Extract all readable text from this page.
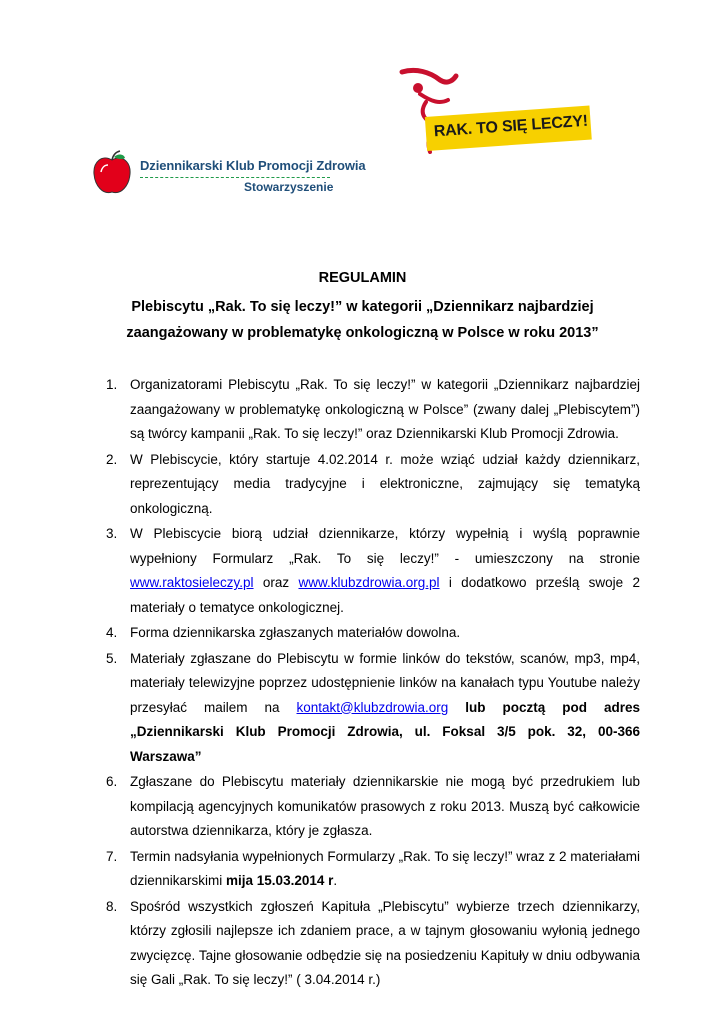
Dziennikarski Klub Promocji Zdrowia
Stowarzyszenie
RAK. TO SIĘ LECZY!
REGULAMIN
Plebiscytu „Rak. To się leczy!” w kategorii „Dziennikarz najbardziej
zaangażowany w problematykę onkologiczną w Polsce w roku 2013”
1. Organizatorami Plebiscytu „Rak. To się leczy!” w kategorii „Dziennikarz najbardziej zaangażowany w problematykę onkologiczną w Polsce” (zwany dalej „Plebiscytem”) są twórcy kampanii „Rak. To się leczy!” oraz Dziennikarski Klub Promocji Zdrowia.
2. W Plebiscycie, który startuje 4.02.2014 r. może wziąć udział każdy dziennikarz, reprezentujący media tradycyjne i elektroniczne, zajmujący się tematyką onkologiczną.
3. W Plebiscycie biorą udział dziennikarze, którzy wypełnią i wyślą poprawnie wypełniony Formularz „Rak. To się leczy!” - umieszczony na stronie www.raktosieleczy.pl oraz www.klubzdrowia.org.pl i dodatkowo prześlą swoje 2 materiały o tematyce onkologicznej.
4. Forma dziennikarska zgłaszanych materiałów dowolna.
5. Materiały zgłaszane do Plebiscytu w formie linków do tekstów, scanów, mp3, mp4, materiały telewizyjne poprzez udostępnienie linków na kanałach typu Youtube należy przesyłać mailem na kontakt@klubzdrowia.org lub pocztą pod adres „Dziennikarski Klub Promocji Zdrowia, ul. Foksal 3/5 pok. 32, 00-366 Warszawa”
6. Zgłaszane do Plebiscytu materiały dziennikarskie nie mogą być przedrukiem lub kompilacją agencyjnych komunikatów prasowych z roku 2013. Muszą być całkowicie autorstwa dziennikarza, który je zgłasza.
7. Termin nadsyłania wypełnionych Formularzy „Rak. To się leczy!” wraz z 2 materiałami dziennikarskimi mija 15.03.2014 r.
8. Spośród wszystkich zgłoszeń Kapituła „Plebiscytu” wybierze trzech dziennikarzy, którzy zgłosili najlepsze ich zdaniem prace, a w tajnym głosowaniu wyłonią jednego zwycięzcę. Tajne głosowanie odbędzie się na posiedzeniu Kapituły w dniu odbywania się Gali „Rak. To się leczy!” ( 3.04.2014 r.)
